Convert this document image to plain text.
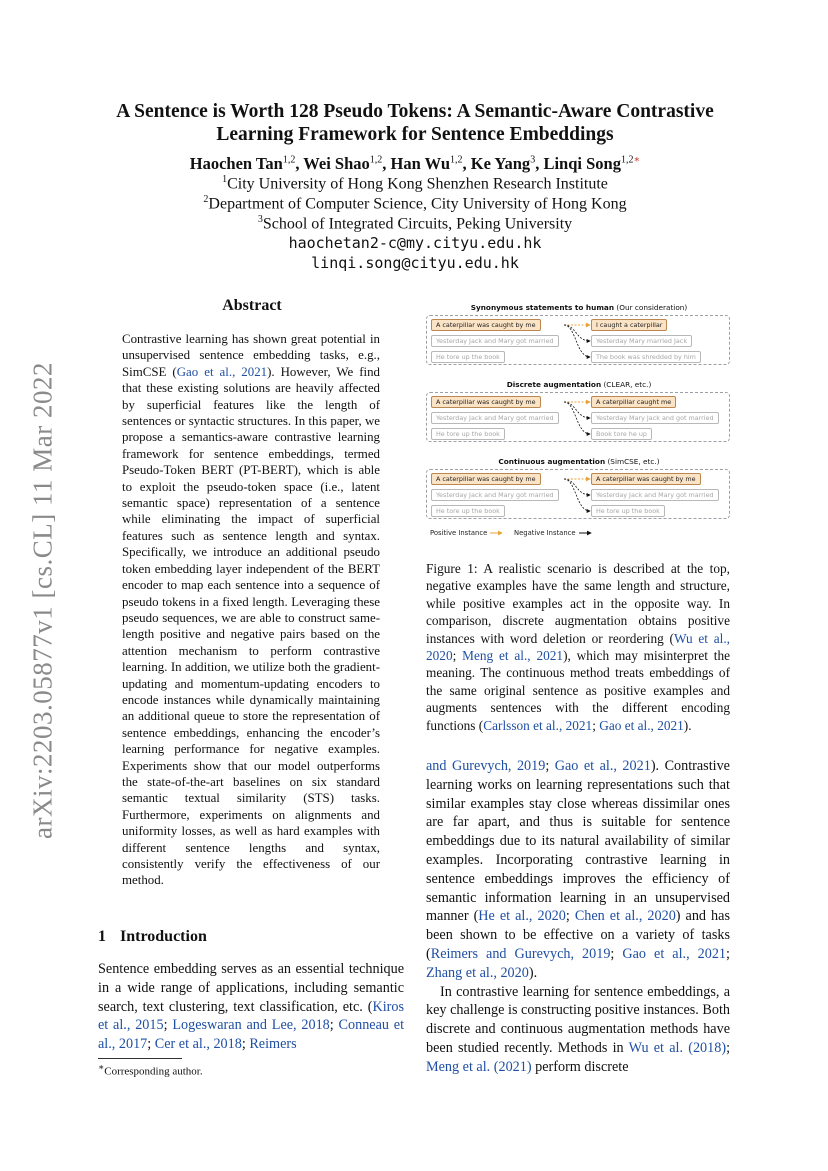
arXiv:2203.05877v1 [cs.CL] 11 Mar 2022
A Sentence is Worth 128 Pseudo Tokens: A Semantic-Aware Contrastive
Learning Framework for Sentence Embeddings
Haochen Tan$^{1,2}$, Wei Shao$^{1,2}$, Han Wu$^{1,2}$, Ke Yang$^3$, Linqi Song$^{1,2∗}$
$^1$City University of Hong Kong Shenzhen Research Institute
$^2$Department of Computer Science, City University of Hong Kong
$^3$School of Integrated Circuits, Peking University
haochetan2-c@my.cityu.edu.hk
linqi.song@cityu.edu.hk
Abstract
Contrastive learning has shown great potential in unsupervised sentence embedding tasks, e.g., SimCSE (Gao et al., 2021). However, We find that these existing solutions are heavily affected by superficial features like the length of sentences or syntactic structures. In this paper, we propose a semantics-aware contrastive learning framework for sentence embeddings, termed Pseudo-Token BERT (PT-BERT), which is able to exploit the pseudo-token space (i.e., latent semantic space) representation of a sentence while eliminating the impact of superficial features such as sentence length and syntax. Specifically, we introduce an additional pseudo token embedding layer independent of the BERT encoder to map each sentence into a sequence of pseudo tokens in a fixed length. Leveraging these pseudo sequences, we are able to construct same-length positive and negative pairs based on the attention mechanism to perform contrastive learning. In addition, we utilize both the gradient-updating and momentum-updating encoders to encode instances while dynamically maintaining an additional queue to store the representation of sentence embeddings, enhancing the encoder’s learning performance for negative examples. Experiments show that our model outperforms the state-of-the-art baselines on six standard semantic textual similarity (STS) tasks. Furthermore, experiments on alignments and uniformity losses, as well as hard examples with different sentence lengths and syntax, consistently verify the effectiveness of our method.
1 Introduction
Sentence embedding serves as an essential technique in a wide range of applications, including semantic search, text clustering, text classification, etc. (Kiros et al., 2015; Logeswaran and Lee, 2018; Conneau et al., 2017; Cer et al., 2018; Reimers
∗Corresponding author.
Synonymous statements to human (Our consideration)
A caterpillar was caught by me
Yesterday Jack and Mary got married
He tore up the book
I caught a caterpillar
Yesterday Mary married Jack
The book was shredded by him
Discrete augmentation (CLEAR, etc.)
A caterpillar was caught by me
Yesterday Jack and Mary got married
He tore up the book
A caterpillar caught me
Yesterday Mary Jack and got married
Book tore he up
Continuous augmentation (SimCSE, etc.)
A caterpillar was caught by me
Yesterday Jack and Mary got married
He tore up the book
A caterpillar was caught by me
Yesterday Jack and Mary got married
He tore up the book
Positive Instance	Negative Instance
Figure 1: A realistic scenario is described at the top, negative examples have the same length and structure, while positive examples act in the opposite way. In comparison, discrete augmentation obtains positive instances with word deletion or reordering (Wu et al., 2020; Meng et al., 2021), which may misinterpret the meaning. The continuous method treats embeddings of the same original sentence as positive examples and augments sentences with the different encoding functions (Carlsson et al., 2021; Gao et al., 2021).
and Gurevych, 2019; Gao et al., 2021). Contrastive learning works on learning representations such that similar examples stay close whereas dissimilar ones are far apart, and thus is suitable for sentence embeddings due to its natural availability of similar examples. Incorporating contrastive learning in sentence embeddings improves the efficiency of semantic information learning in an unsupervised manner (He et al., 2020; Chen et al., 2020) and has been shown to be effective on a variety of tasks (Reimers and Gurevych, 2019; Gao et al., 2021; Zhang et al., 2020).
In contrastive learning for sentence embeddings, a key challenge is constructing positive instances. Both discrete and continuous augmentation methods have been studied recently. Methods in Wu et al. (2018); Meng et al. (2021) perform discrete
